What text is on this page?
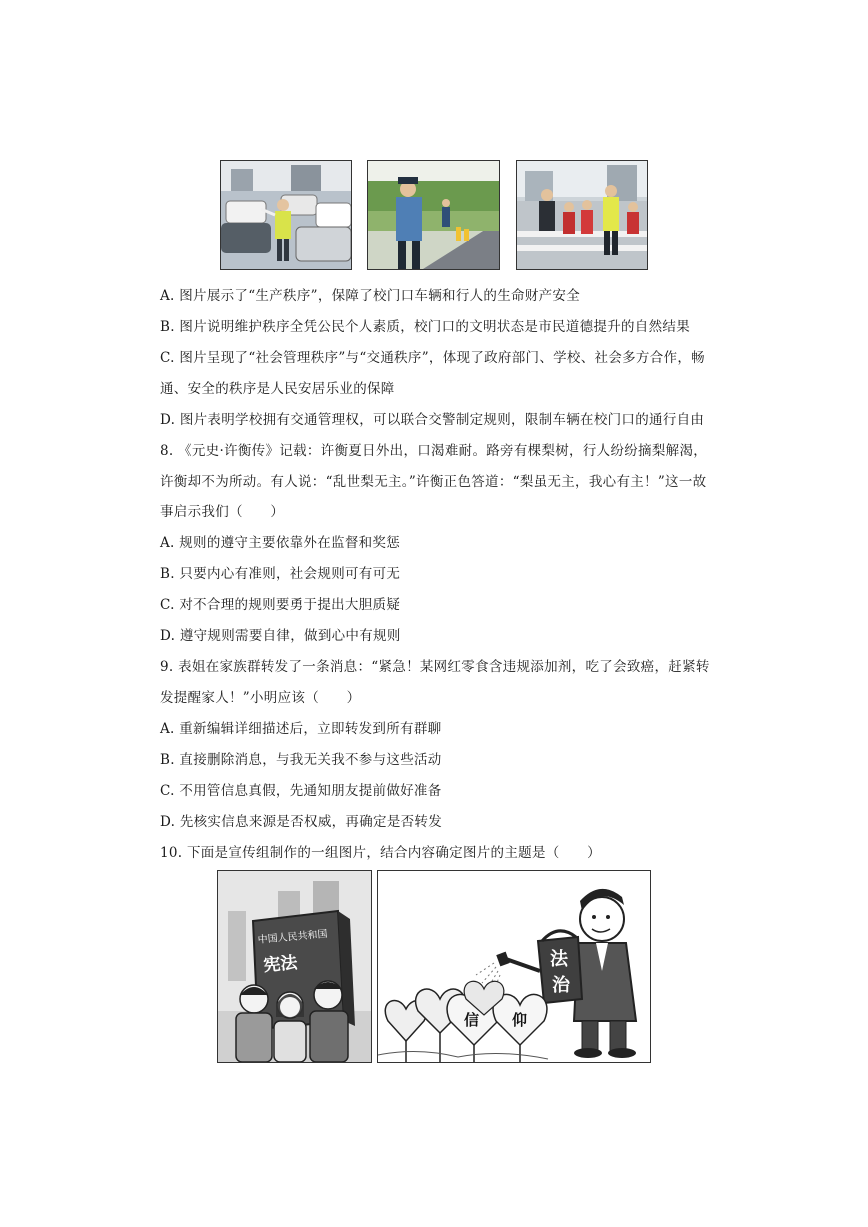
A. 图片展示了“生产秩序”，保障了校门口车辆和行人的生命财产安全
B. 图片说明维护秩序全凭公民个人素质，校门口的文明状态是市民道德提升的自然结果
C. 图片呈现了“社会管理秩序”与“交通秩序”，体现了政府部门、学校、社会多方合作，畅
通、安全的秩序是人民安居乐业的保障
D. 图片表明学校拥有交通管理权，可以联合交警制定规则，限制车辆在校门口的通行自由
8. 《元史·许衡传》记载：许衡夏日外出，口渴难耐。路旁有棵梨树，行人纷纷摘梨解渴，
许衡却不为所动。有人说：“乱世梨无主。”许衡正色答道：“梨虽无主，我心有主！”这一故
事启示我们（　　）
A. 规则的遵守主要依靠外在监督和奖惩
B. 只要内心有准则，社会规则可有可无
C. 对不合理的规则要勇于提出大胆质疑
D. 遵守规则需要自律，做到心中有规则
9. 表姐在家族群转发了一条消息：“紧急！某网红零食含违规添加剂，吃了会致癌，赶紧转
发提醒家人！”小明应该（　　）
A. 重新编辑详细描述后，立即转发到所有群聊
B. 直接删除消息，与我无关我不参与这些活动
C. 不用管信息真假，先通知朋友提前做好准备
D. 先核实信息来源是否权威，再确定是否转发
10. 下面是宣传组制作的一组图片，结合内容确定图片的主题是（　　）
中国人民共和国
宪法	法
治
信 仰
